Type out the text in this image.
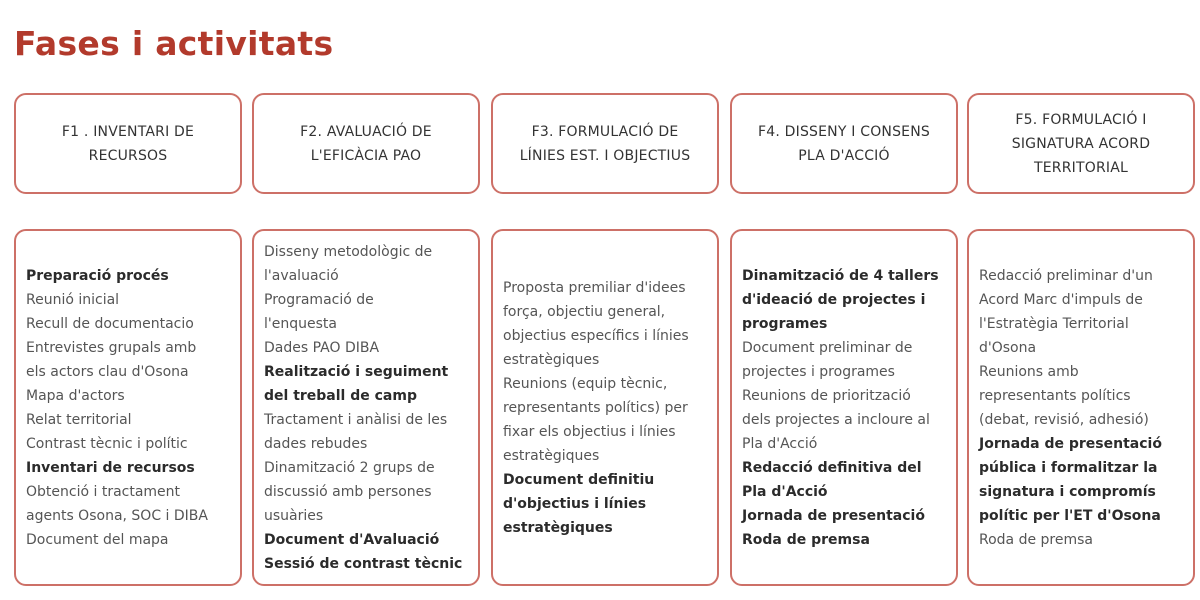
Fases i activitats
F1 . INVENTARI DE RECURSOS
F2. AVALUACIÓ DE L'EFICÀCIA PAO
F3. FORMULACIÓ DE LÍNIES EST. I OBJECTIUS
F4. DISSENY I CONSENS PLA D'ACCIÓ
F5. FORMULACIÓ I SIGNATURA ACORD TERRITORIAL
Preparació procés
Reunió inicial
Recull de documentacio
Entrevistes grupals amb
els actors clau d'Osona
Mapa d'actors
Relat territorial
Contrast tècnic i polític
Inventari de recursos
Obtenció i tractament
agents Osona, SOC i DIBA
Document del mapa
Disseny metodològic de
l'avaluació
Programació de
l'enquesta
Dades PAO DIBA
Realització i seguiment
del treball de camp
Tractament i anàlisi de les
dades rebudes
Dinamització 2 grups de
discussió amb persones
usuàries
Document d'Avaluació
Sessió de contrast tècnic
Proposta premiliar d'idees
força, objectiu general,
objectius específics i línies
estratègiques
Reunions (equip tècnic,
representants polítics) per
fixar els objectius i línies
estratègiques
Document definitiu
d'objectius i línies
estratègiques
Dinamització de 4 tallers
d'ideació de projectes i
programes
Document preliminar de
projectes i programes
Reunions de priorització
dels projectes a incloure al
Pla d'Acció
Redacció definitiva del
Pla d'Acció
Jornada de presentació
Roda de premsa
Redacció preliminar d'un
Acord Marc d'impuls de
l'Estratègia Territorial
d'Osona
Reunions amb
representants polítics
(debat, revisió, adhesió)
Jornada de presentació
pública i formalitzar la
signatura i compromís
polític per l'ET d'Osona
Roda de premsa
